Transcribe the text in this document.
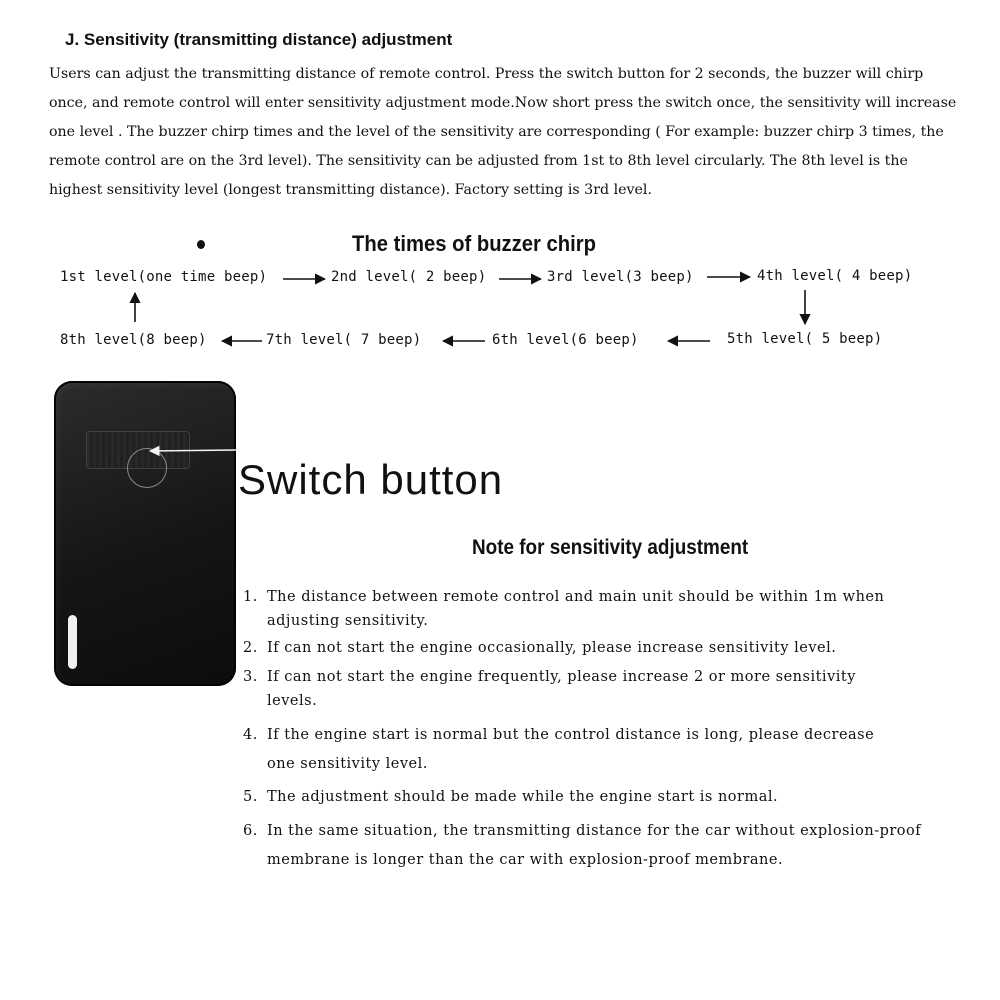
J. Sensitivity (transmitting distance) adjustment
Users can adjust the transmitting distance of remote control. Press the switch button for 2 seconds, the buzzer will chirp
once, and remote control will enter sensitivity adjustment mode.Now short press the switch once, the sensitivity will increase
one level . The buzzer chirp times and the level of the sensitivity are corresponding ( For example: buzzer chirp 3 times, the
remote control are on the 3rd level). The sensitivity can be adjusted from 1st to 8th level circularly. The 8th level is the
highest sensitivity level (longest transmitting distance). Factory setting is 3rd level.
The times of buzzer chirp
1st level(one time beep)	2nd level( 2 beep)	3rd level(3 beep)	4th level( 4 beep)
5th level( 5 beep)
6th level(6 beep)
7th level( 7 beep)
8th level(8 beep)
Switch button
Note for sensitivity adjustment
1. The distance between remote control and main unit should be within 1m when
adjusting sensitivity.
2. If can not start the engine occasionally, please increase sensitivity level.
3. If can not start the engine frequently, please increase 2 or more sensitivity
levels.
4. If the engine start is normal but the control distance is long, please decrease
one sensitivity level.
5. The adjustment should be made while the engine start is normal.
6. In the same situation, the transmitting distance for the car without explosion-proof
membrane is longer than the car with explosion-proof membrane.
